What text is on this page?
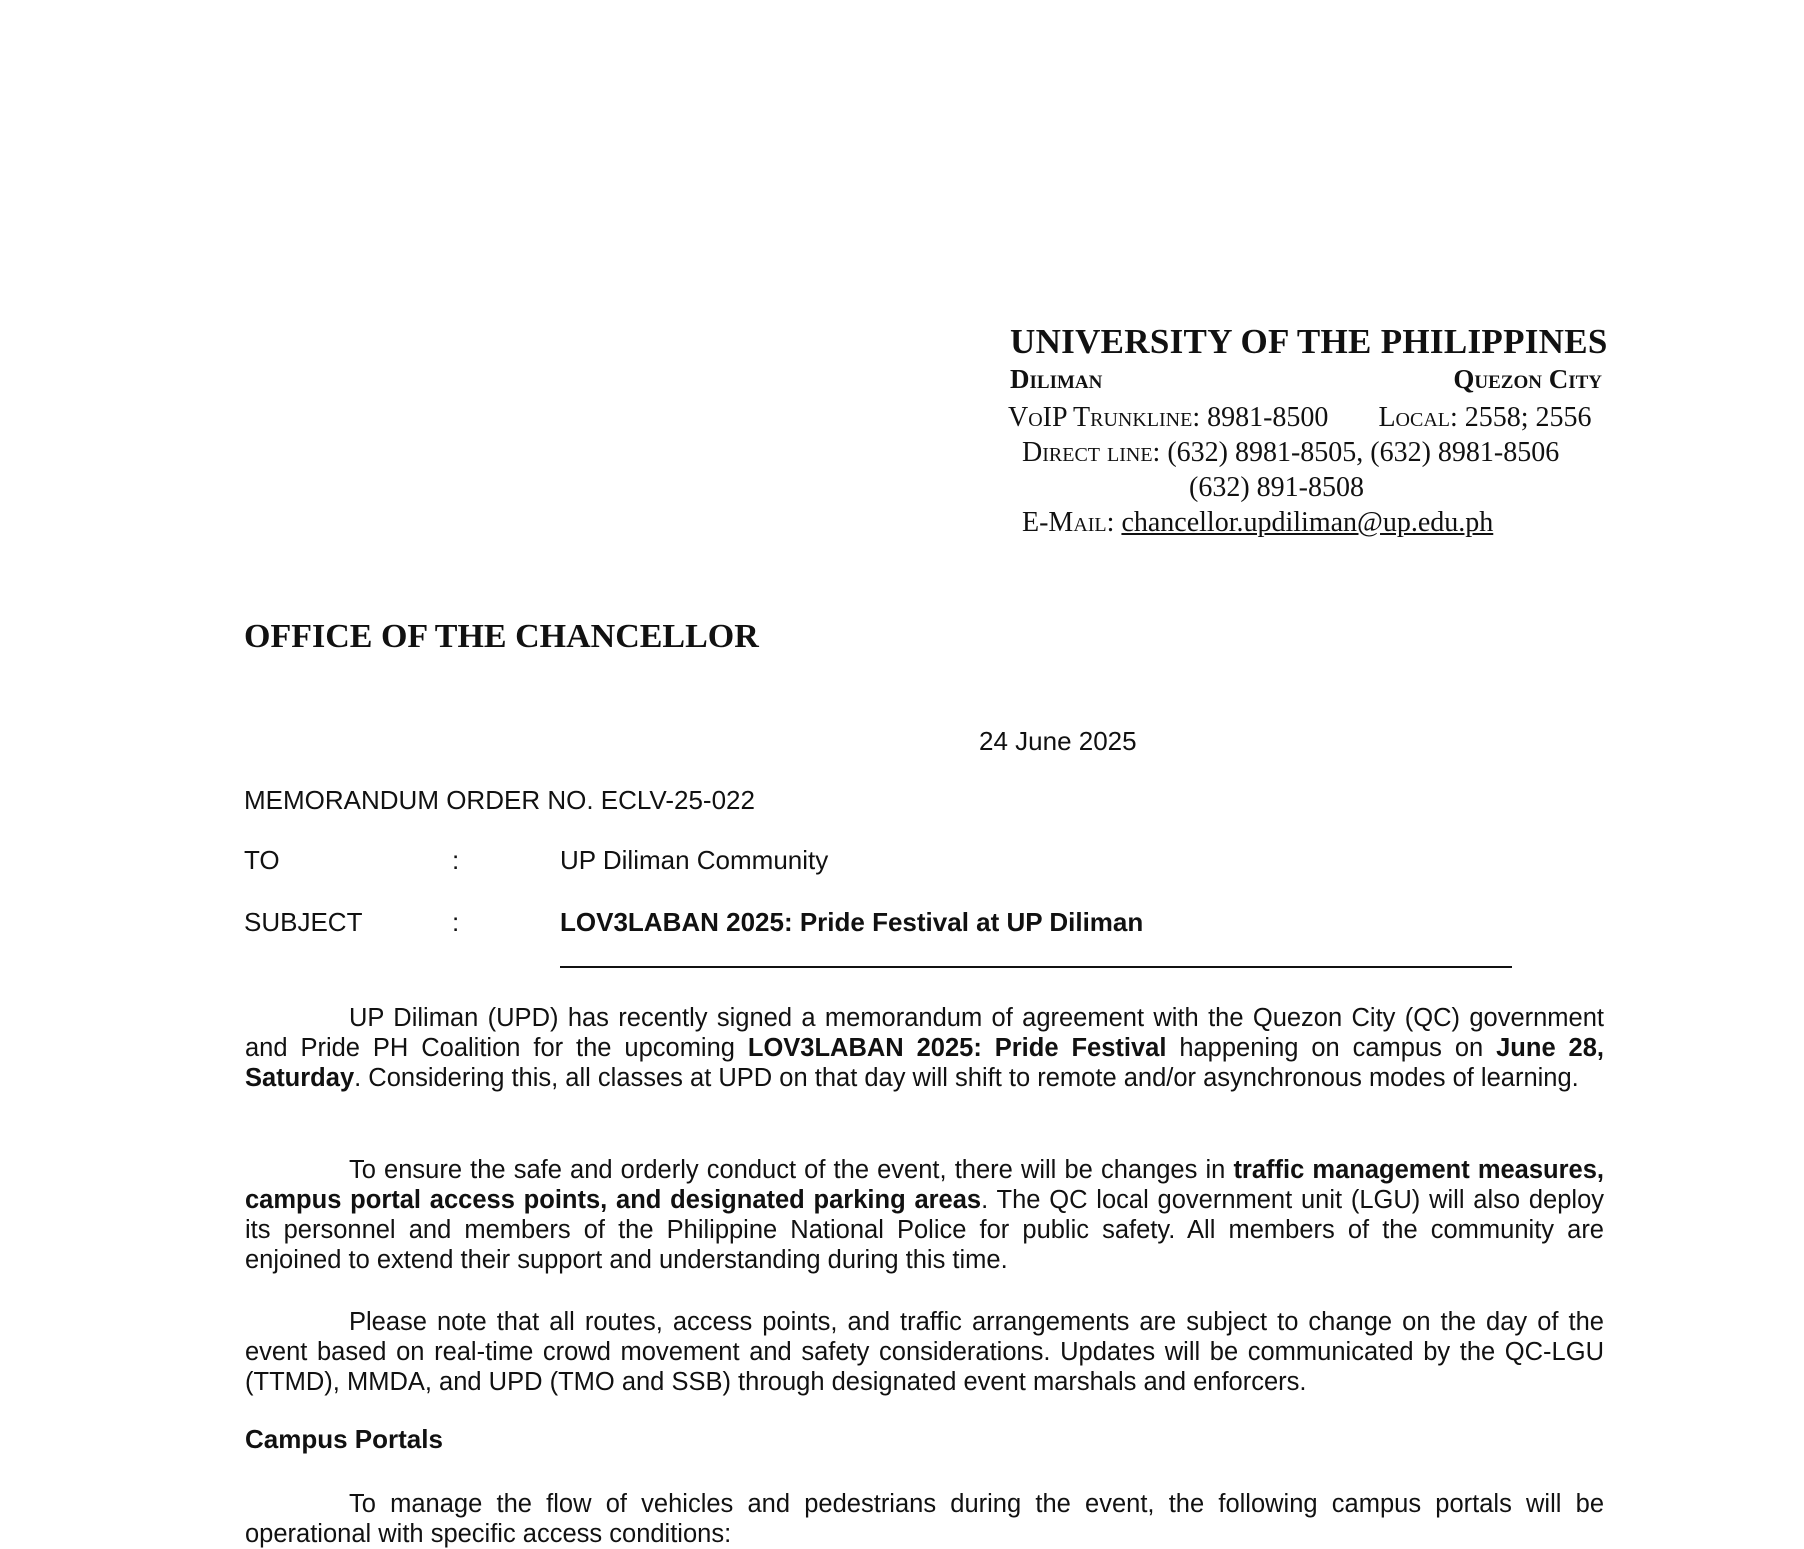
UNIVERSITY OF THE PHILIPPINES
Diliman	Quezon City
VoIP Trunkline: 8981-8500 Local: 2558; 2556
Direct line: (632) 8981-8505, (632) 8981-8506
(632) 891-8508
E-Mail: chancellor.updiliman@up.edu.ph
OFFICE OF THE CHANCELLOR
24 June 2025
MEMORANDUM ORDER NO. ECLV-25-022
TO	:	UP Diliman Community
SUBJECT	:	LOV3LABAN 2025: Pride Festival at UP Diliman

UP Diliman (UPD) has recently signed a memorandum of agreement with the Quezon City (QC) government and Pride PH Coalition for the upcoming LOV3LABAN 2025: Pride Festival happening on campus on June 28, Saturday. Considering this, all classes at UPD on that day will shift to remote and/or asynchronous modes of learning.

To ensure the safe and orderly conduct of the event, there will be changes in traffic management measures, campus portal access points, and designated parking areas. The QC local government unit (LGU) will also deploy its personnel and members of the Philippine National Police for public safety. All members of the community are enjoined to extend their support and understanding during this time.

Please note that all routes, access points, and traffic arrangements are subject to change on the day of the event based on real-time crowd movement and safety considerations. Updates will be communicated by the QC-LGU (TTMD), MMDA, and UPD (TMO and SSB) through designated event marshals and enforcers.

Campus Portals

To manage the flow of vehicles and pedestrians during the event, the following campus portals will be operational with specific access conditions:
